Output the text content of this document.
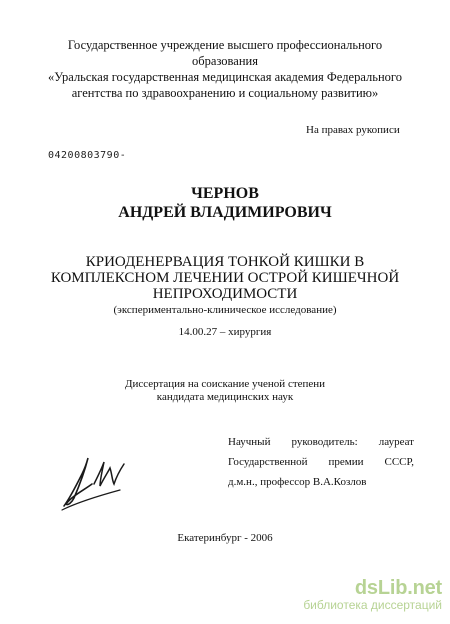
Государственное учреждение высшего профессионального
образования
«Уральская государственная медицинская академия Федерального
агентства по здравоохранению и социальному развитию»
На правах рукописи
04200803790-
ЧЕРНОВ
АНДРЕЙ ВЛАДИМИРОВИЧ
КРИОДЕНЕРВАЦИЯ ТОНКОЙ КИШКИ В
КОМПЛЕКСНОМ ЛЕЧЕНИИ ОСТРОЙ КИШЕЧНОЙ
НЕПРОХОДИМОСТИ
(экспериментально-клиническое исследование)
14.00.27 – хирургия
Диссертация на соискание ученой степени
кандидата медицинских наук
Научный руководитель: лауреат
Государственной премии СССР,
д.м.н., профессор В.А.Козлов
Екатеринбург - 2006
dsLib.net
библиотека диссертаций
